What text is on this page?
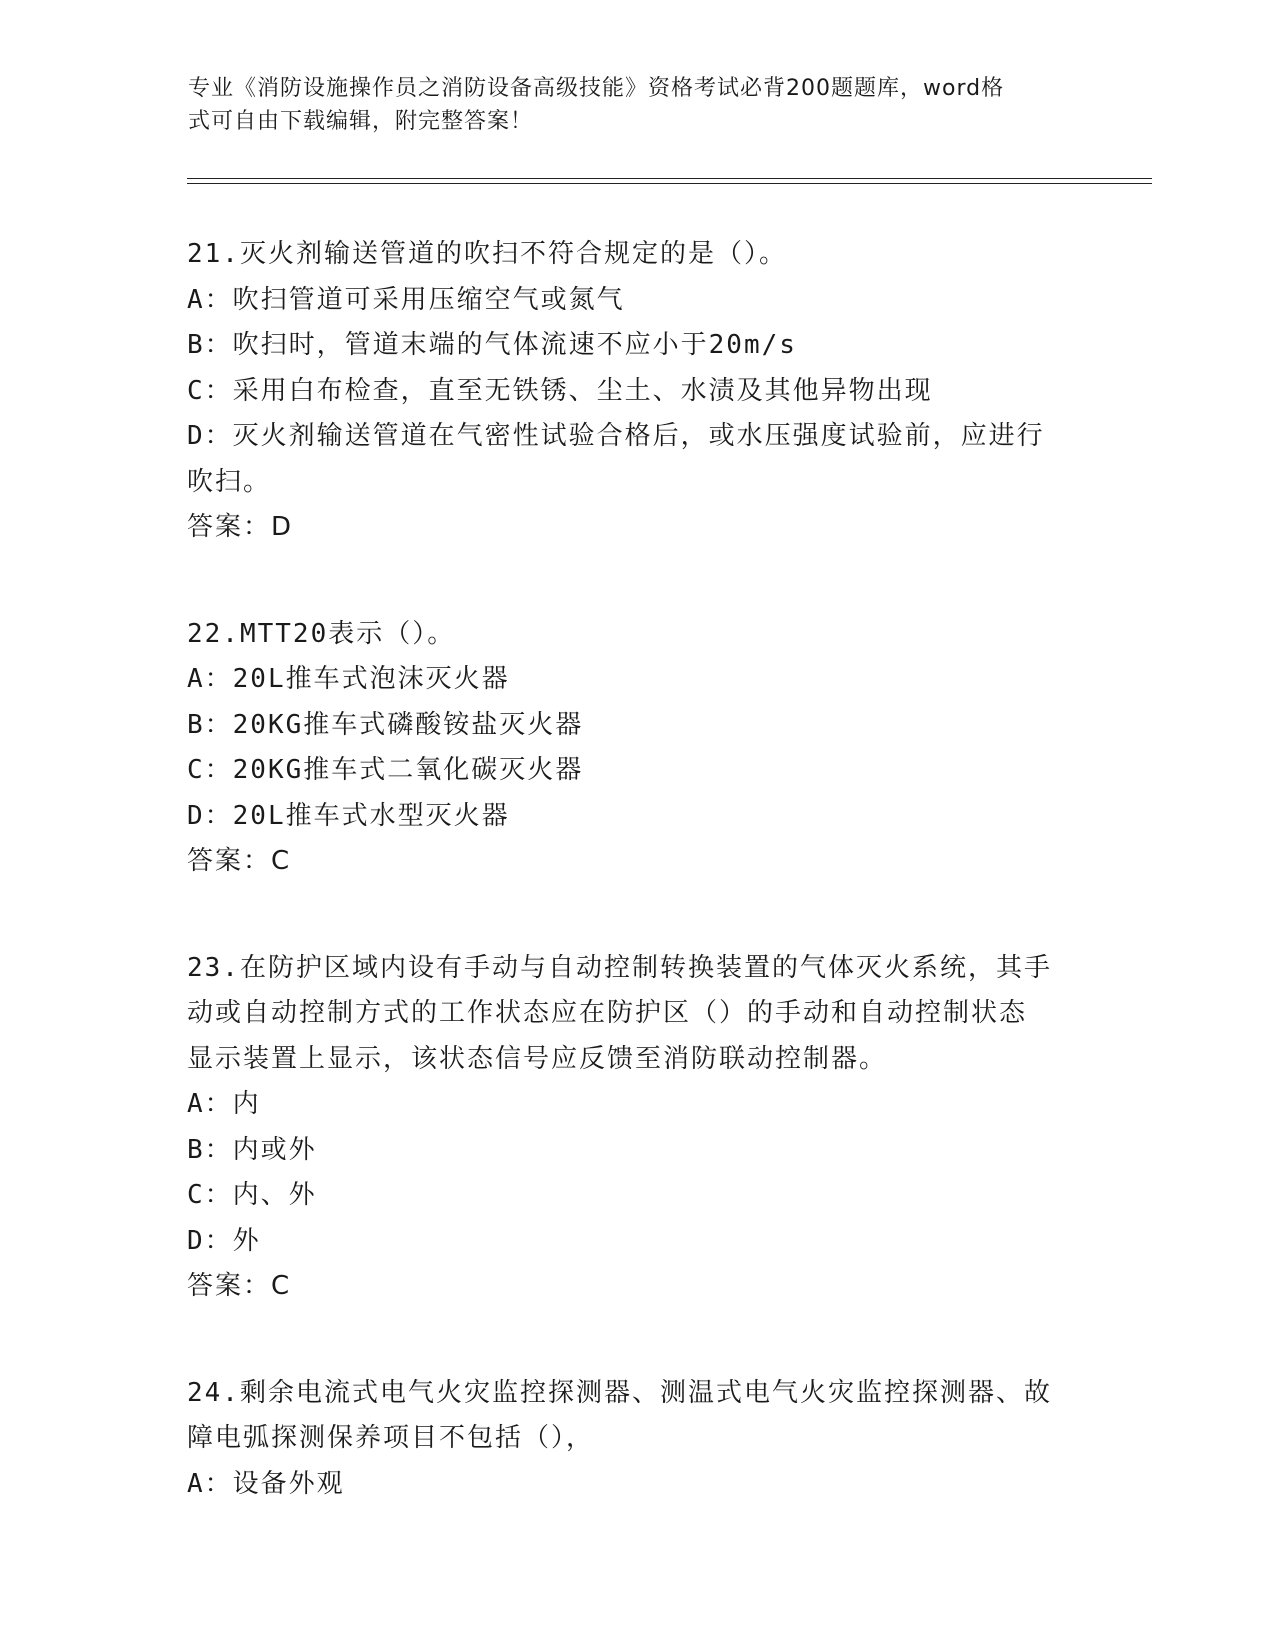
专业《消防设施操作员之消防设备高级技能》资格考试必背200题题库，word格
式可自由下载编辑，附完整答案！
21.灭火剂输送管道的吹扫不符合规定的是（）。
A：吹扫管道可采用压缩空气或氮气
B：吹扫时，管道末端的气体流速不应小于20m/s
C：采用白布检查，直至无铁锈、尘土、水渍及其他异物出现
D：灭火剂输送管道在气密性试验合格后，或水压强度试验前，应进行
吹扫。
答案：D
22.MTT20表示（）。
A：20L推车式泡沫灭火器
B：20KG推车式磷酸铵盐灭火器
C：20KG推车式二氧化碳灭火器
D：20L推车式水型灭火器
答案：C
23.在防护区域内设有手动与自动控制转换装置的气体灭火系统，其手
动或自动控制方式的工作状态应在防护区（）的手动和自动控制状态
显示装置上显示，该状态信号应反馈至消防联动控制器。
A：内
B：内或外
C：内、外
D：外
答案：C
24.剩余电流式电气火灾监控探测器、测温式电气火灾监控探测器、故
障电弧探测保养项目不包括（），
A：设备外观
